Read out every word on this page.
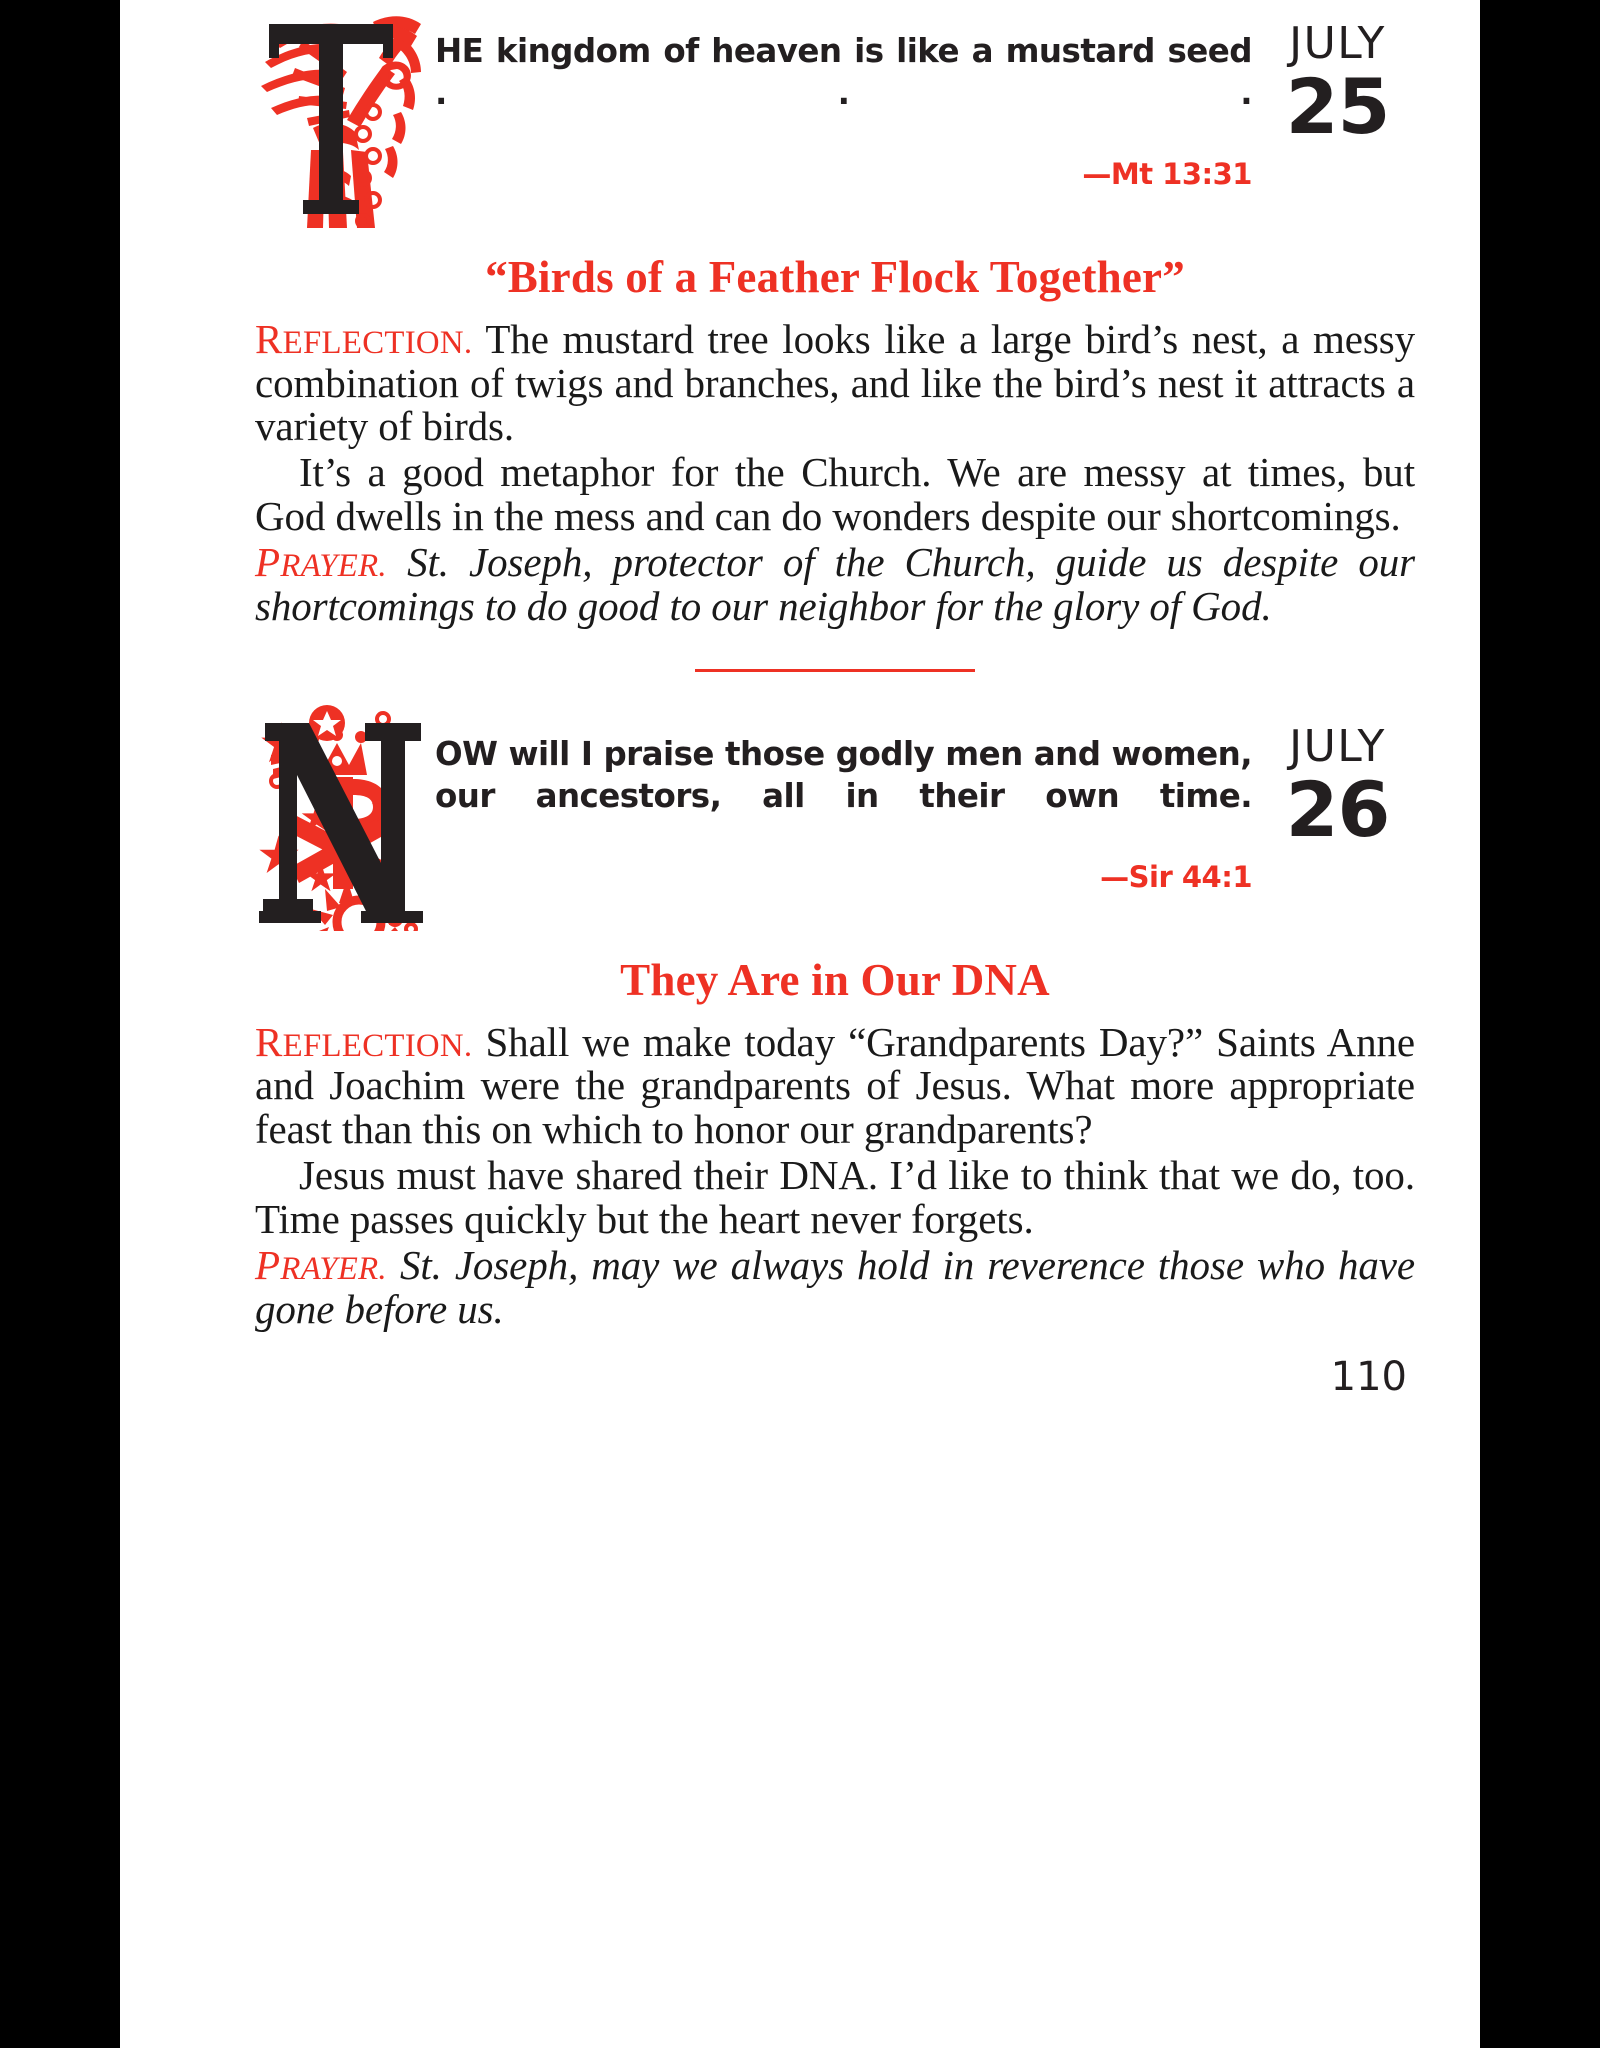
HE kingdom of heaven is like a mustard seed . . .

—Mt 13:31

JULY
25
“Birds of a Feather Flock Together”

REFLECTION. The mustard tree looks like a large bird’s nest, a messy combination of twigs and branches, and like the bird’s nest it attracts a variety of birds.

It’s a good metaphor for the Church. We are messy at times, but God dwells in the mess and can do wonders despite our shortcomings.

PRAYER. St. Joseph, protector of the Church, guide us despite our shortcomings to do good to our neighbor for the glory of God.

OW will I praise those godly men and women, our ancestors, all in their own time.

—Sir 44:1

JULY
26
They Are in Our DNA

REFLECTION. Shall we make today “Grandparents Day?” Saints Anne and Joachim were the grandparents of Jesus. What more appropriate feast than this on which to honor our grandparents?

Jesus must have shared their DNA. I’d like to think that we do, too. Time passes quickly but the heart never forgets.

PRAYER. St. Joseph, may we always hold in reverence those who have gone before us.

110
